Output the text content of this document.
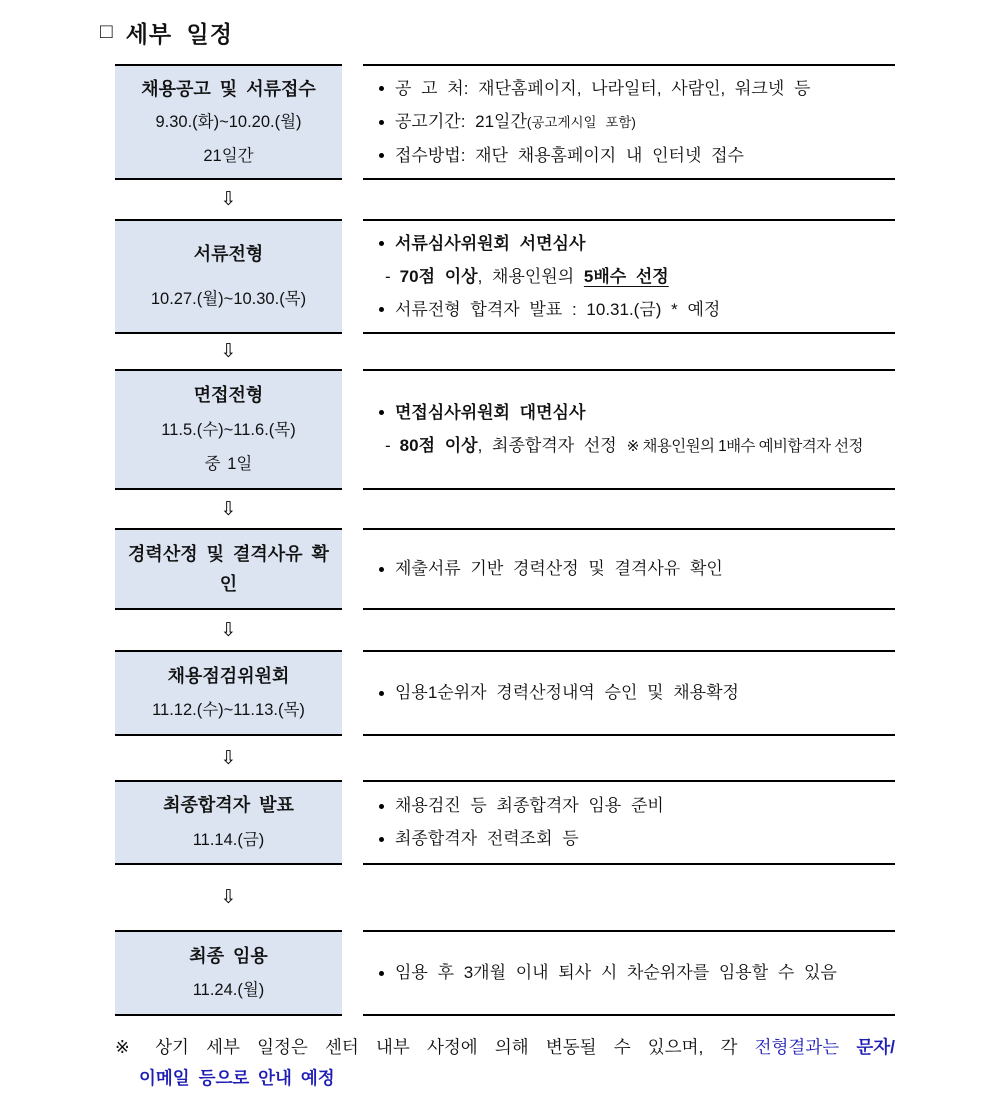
□ 세부 일정
채용공고 및 서류접수
9.30.(화)~10.20.(월)
21일간
공 고 처: 재단홈페이지, 나라일터, 사람인, 워크넷 등
공고기간: 21일간(공고게시일 포함)
접수방법: 재단 채용홈페이지 내 인터넷 접수
⇩
서류전형
10.27.(월)~10.30.(목)
서류심사위원회 서면심사
- 70점 이상, 채용인원의 5배수 선정
서류전형 합격자 발표 : 10.31.(금) * 예정
⇩
면접전형
11.5.(수)~11.6.(목)
중 1일
면접심사위원회 대면심사
- 80점 이상, 최종합격자 선정 ※ 채용인원의 1배수 예비합격자 선정
⇩
경력산정 및 결격사유 확인
제출서류 기반 경력산정 및 결격사유 확인
⇩
채용점검위원회
11.12.(수)~11.13.(목)
임용1순위자 경력산정내역 승인 및 채용확정
⇩
최종합격자 발표
11.14.(금)
채용검진 등 최종합격자 임용 준비
최종합격자 전력조회 등
⇩
최종 임용
11.24.(월)
임용 후 3개월 이내 퇴사 시 차순위자를 임용할 수 있음
※ 상기 세부 일정은 센터 내부 사정에 의해 변동될 수 있으며, 각 전형결과는 문자/
이메일 등으로 안내 예정
